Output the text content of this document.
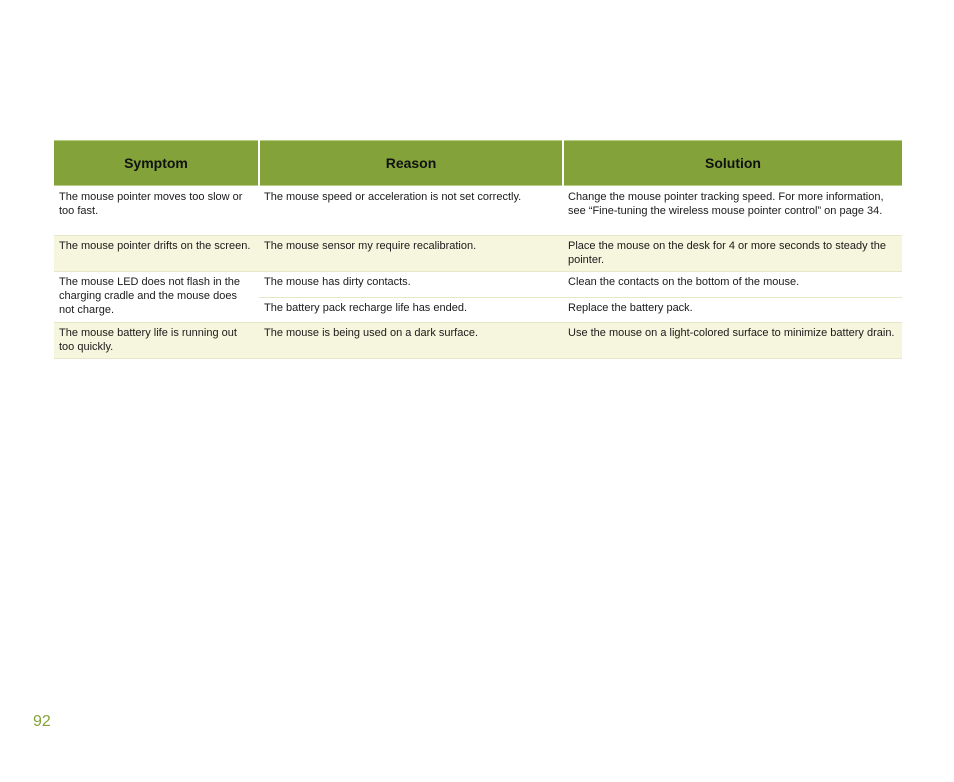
Symptom	Reason	Solution
The mouse pointer moves too slow or too fast.	The mouse speed or acceleration is not set correctly.	Change the mouse pointer tracking speed. For more information, see “Fine-tuning the wireless mouse pointer control” on page 34.
The mouse pointer drifts on the screen.	The mouse sensor my require recalibration.	Place the mouse on the desk for 4 or more seconds to steady the pointer.
The mouse LED does not flash in the charging cradle and the mouse does not charge.	The mouse has dirty contacts.	Clean the contacts on the bottom of the mouse.
	The battery pack recharge life has ended.	Replace the battery pack.
The mouse battery life is running out too quickly.	The mouse is being used on a dark surface.	Use the mouse on a light-colored surface to minimize battery drain.
92
